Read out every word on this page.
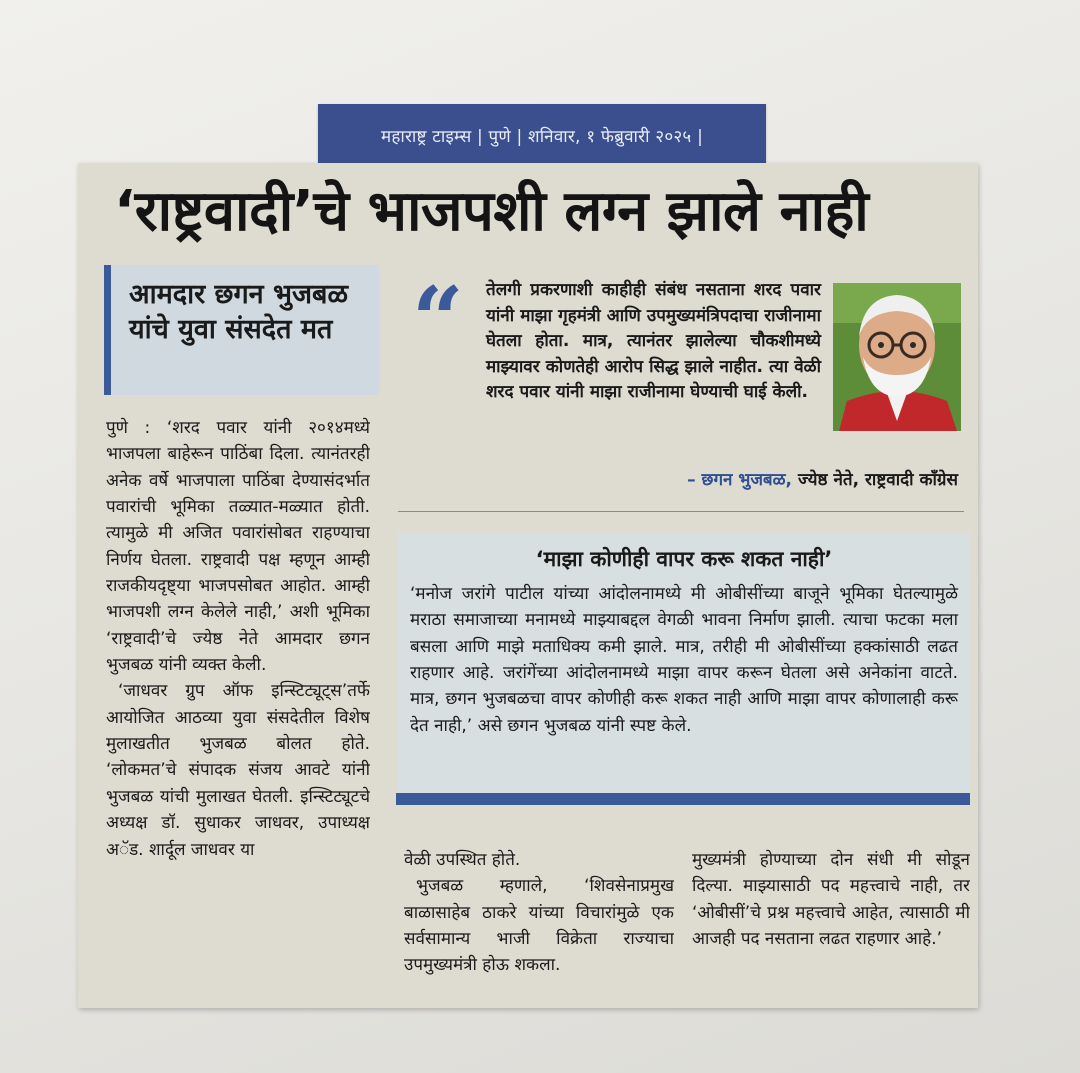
महाराष्ट्र टाइम्स | पुणे | शनिवार, १ फेब्रुवारी २०२५ |
‘राष्ट्रवादी’चे भाजपशी लग्न झाले नाही
आमदार छगन भुजबळ यांचे युवा संसदेत मत

पुणे : ‘शरद पवार यांनी २०१४मध्ये भाजपला बाहेरून पाठिंबा दिला. त्यानंतरही अनेक वर्षे भाजपाला पाठिंबा देण्यासंदर्भात पवारांची भूमिका तळ्यात-मळ्यात होती. त्यामुळे मी अजित पवारांसोबत राहण्याचा निर्णय घेतला. राष्ट्रवादी पक्ष म्हणून आम्ही राजकीयदृष्ट्या भाजपसोबत आहोत. आम्ही भाजपशी लग्न केलेले नाही,’ अशी भूमिका ‘राष्ट्रवादी’चे ज्येष्ठ नेते आमदार छगन भुजबळ यांनी व्यक्त केली.

‘जाधवर ग्रुप ऑफ इन्स्टिट्यूट्स’तर्फे आयोजित आठव्या युवा संसदेतील विशेष मुलाखतीत भुजबळ बोलत होते. ‘लोकमत’चे संपादक संजय आवटे यांनी भुजबळ यांची मुलाखत घेतली. इन्स्टिट्यूटचे अध्यक्ष डॉ. सुधाकर जाधवर, उपाध्यक्ष अॅड. शार्दूल जाधवर या

“ तेलगी प्रकरणाशी काहीही संबंध नसताना शरद पवार यांनी माझा गृहमंत्री आणि उपमुख्यमंत्रिपदाचा राजीनामा घेतला होता. मात्र, त्यानंतर झालेल्या चौकशीमध्ये माझ्यावर कोणतेही आरोप सिद्ध झाले नाहीत. त्या वेळी शरद पवार यांनी माझा राजीनामा घेण्याची घाई केली.
– छगन भुजबळ, ज्येष्ठ नेते, राष्ट्रवादी काँग्रेस
‘माझा कोणीही वापर करू शकत नाही’
‘मनोज जरांगे पाटील यांच्या आंदोलनामध्ये मी ओबीसींच्या बाजूने भूमिका घेतल्यामुळे मराठा समाजाच्या मनामध्ये माझ्याबद्दल वेगळी भावना निर्माण झाली. त्याचा फटका मला बसला आणि माझे मताधिक्य कमी झाले. मात्र, तरीही मी ओबीसींच्या हक्कांसाठी लढत राहणार आहे. जरांगेंच्या आंदोलनामध्ये माझा वापर करून घेतला असे अनेकांना वाटते. मात्र, छगन भुजबळचा वापर कोणीही करू शकत नाही आणि माझा वापर कोणालाही करू देत नाही,’ असे छगन भुजबळ यांनी स्पष्ट केले.

वेळी उपस्थित होते.

भुजबळ म्हणाले, ‘शिवसेनाप्रमुख बाळासाहेब ठाकरे यांच्या विचारांमुळे एक सर्वसामान्य भाजी विक्रेता राज्याचा उपमुख्यमंत्री होऊ शकला.

मुख्यमंत्री होण्याच्या दोन संधी मी सोडून दिल्या. माझ्यासाठी पद महत्त्वाचे नाही, तर ‘ओबीसीं’चे प्रश्न महत्त्वाचे आहेत, त्यासाठी मी आजही पद नसताना लढत राहणार आहे.’
